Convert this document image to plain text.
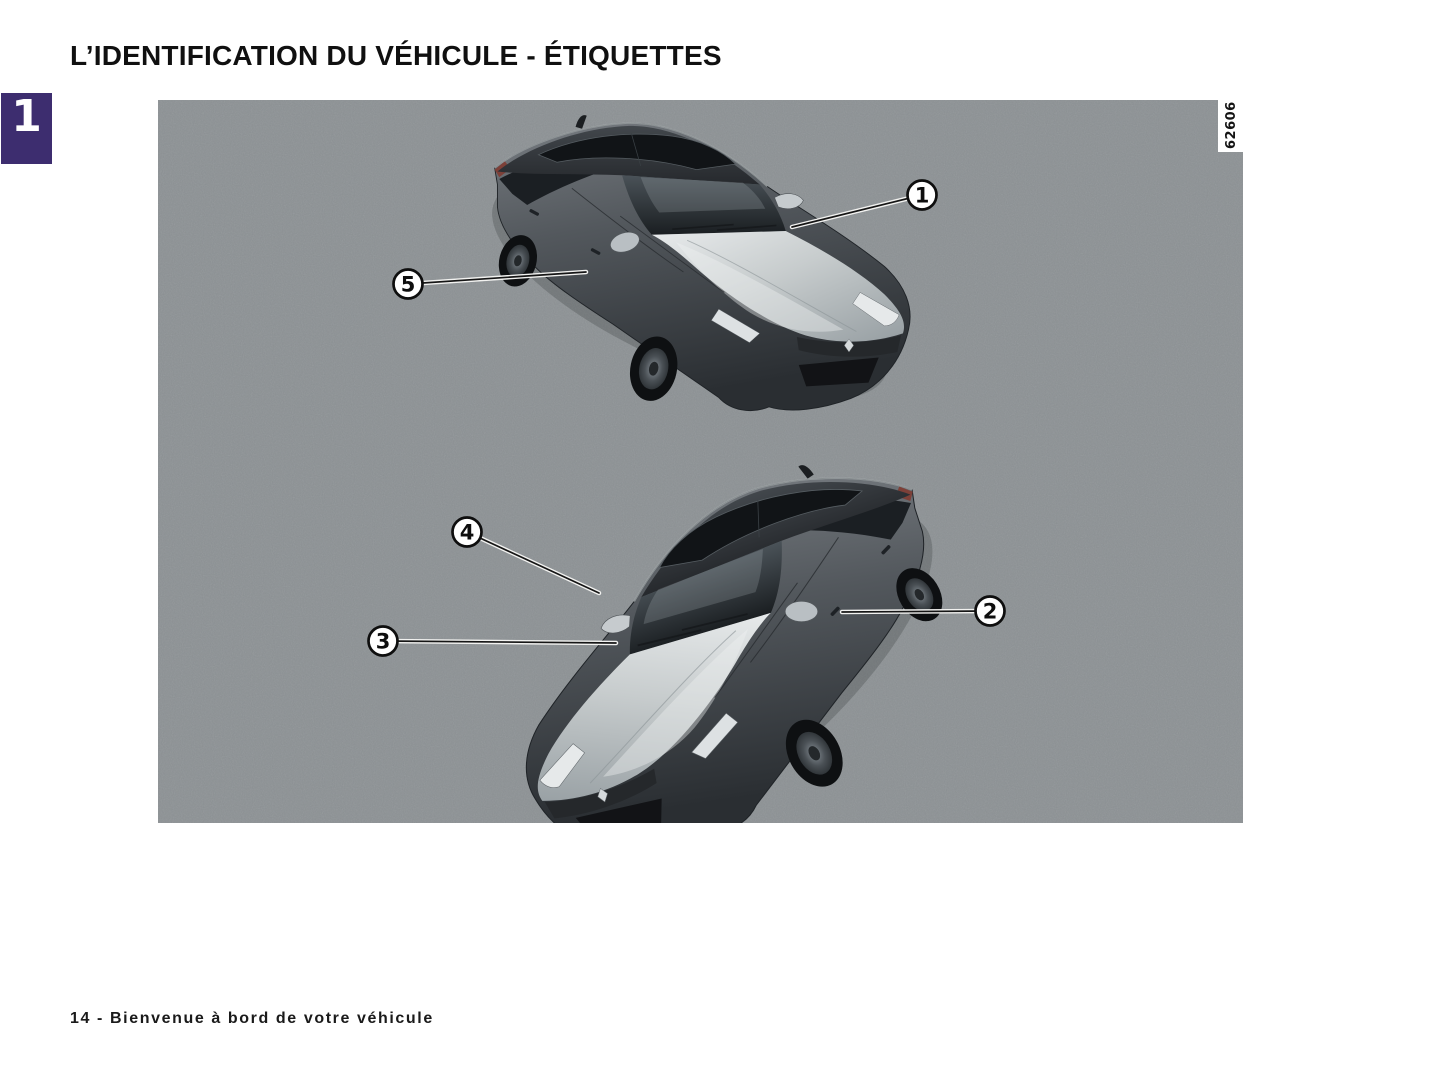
L’IDENTIFICATION DU VÉHICULE - ÉTIQUETTES
1
1
2
3
4
5
62606
14 - Bienvenue à bord de votre véhicule
